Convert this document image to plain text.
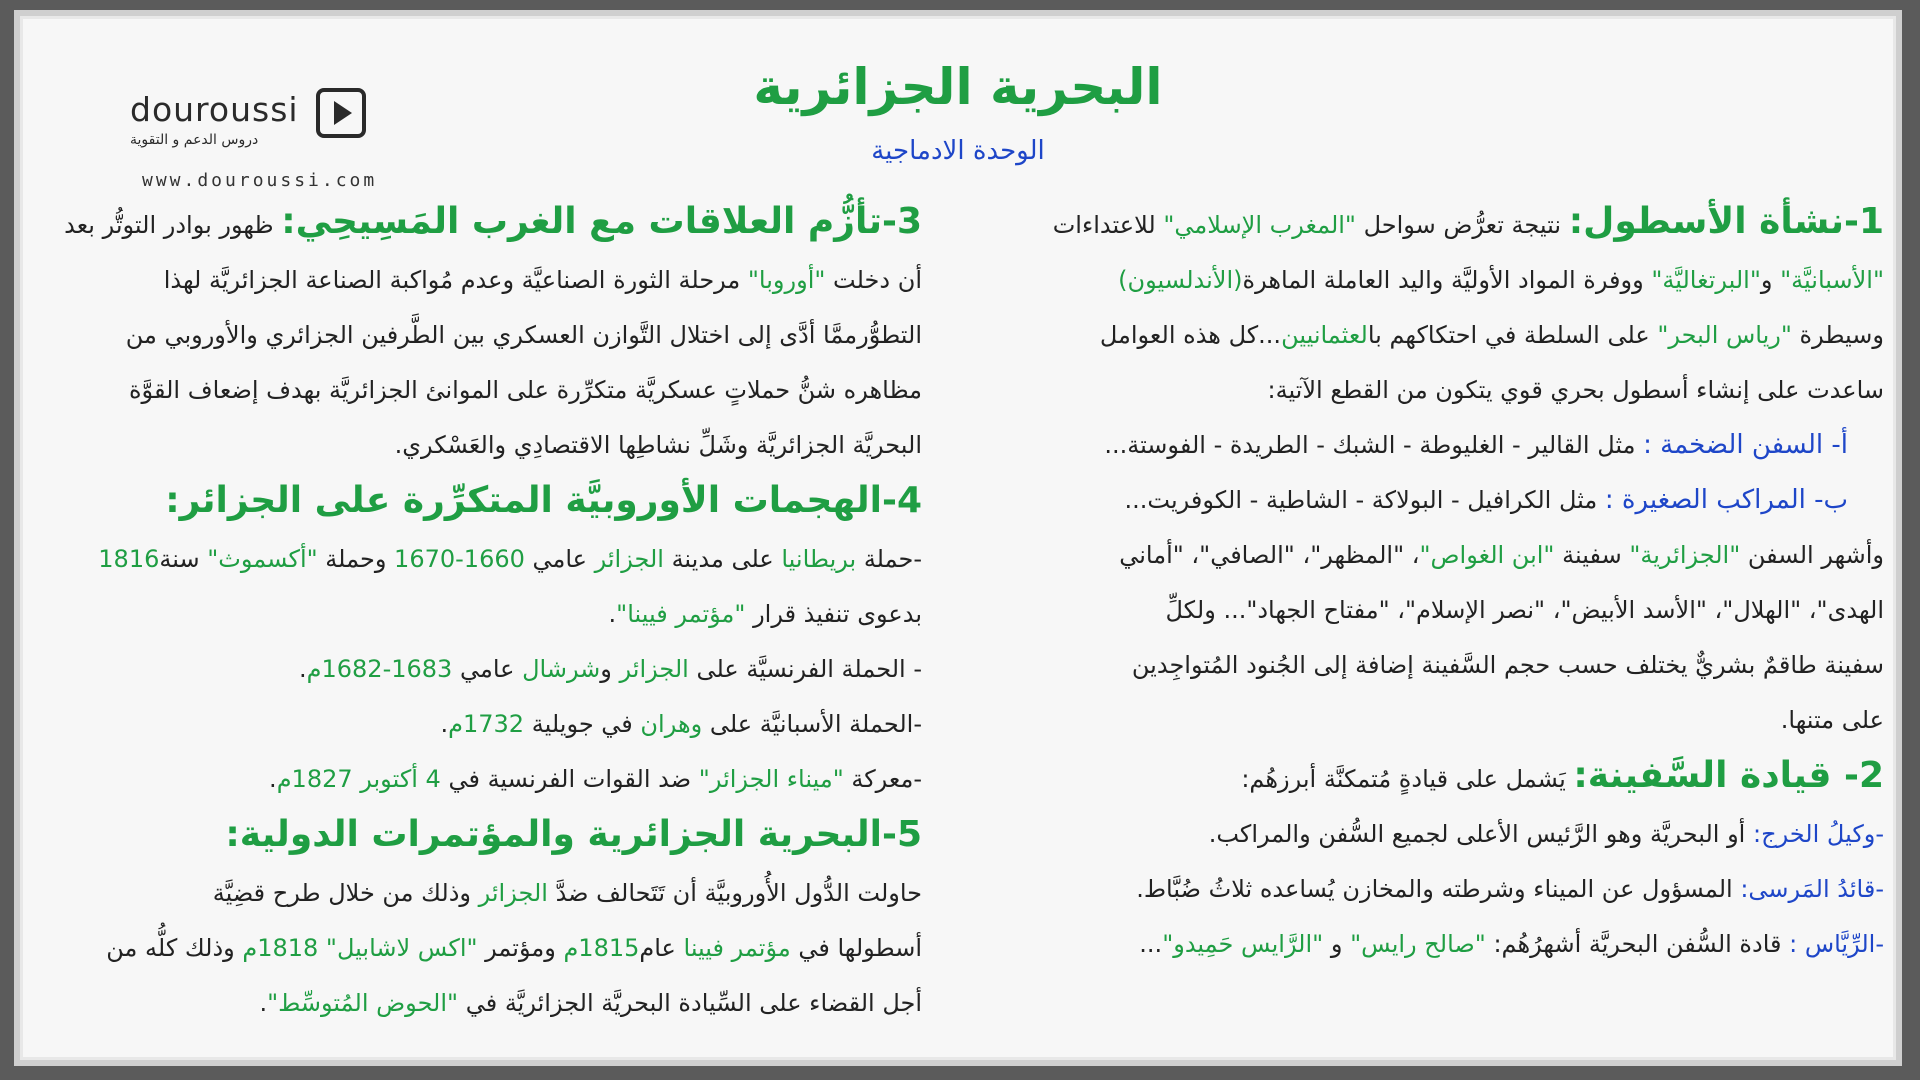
douroussi
دروس الدعم و التقوية
www.douroussi.com
البحرية الجزائرية
الوحدة الادماجية
1-نشأة الأسطول: نتيجة تعرُّض سواحل "المغرب الإسلامي" للاعتداءات
"الأسبانيَّة" و"البرتغاليَّة" ووفرة المواد الأوليَّة واليد العاملة الماهرة(الأندلسيون)
وسيطرة "رياس البحر" على السلطة في احتكاكهم بالعثمانيين...كل هذه العوامل
ساعدت على إنشاء أسطول بحري قوي يتكون من القطع الآتية:
أ- السفن الضخمة : مثل القالير - الغليوطة - الشبك - الطريدة - الفوستة...
ب- المراكب الصغيرة : مثل الكرافيل - البولاكة - الشاطية - الكوفريت...
وأشهر السفن "الجزائرية" سفينة "ابن الغواص"، "المظهر"، "الصافي"، "أماني
الهدى"، "الهلال"، "الأسد الأبيض"، "نصر الإسلام"، "مفتاح الجهاد"... ولكلِّ
سفينة طاقمٌ بشريٌّ يختلف حسب حجم السَّفينة إضافة إلى الجُنود المُتواجِدين
على متنها.
2- قيادة السَّفينة: يَشمل على قيادةٍ مُتمكنَّة أبرزهُم:
-وكيلُ الخرج: أو البحريَّة وهو الرَّئيس الأعلى لجميع السُّفن والمراكب.
-قائدُ المَرسى: المسؤول عن الميناء وشرطته والمخازن يُساعده ثلاثُ ضُبَّاط.
-الرِّيَّاس : قادة السُّفن البحريَّة أشهرُهُم: "صالح رايس" و "الرَّايس حَمِيدو"...
3-تأزُّم العلاقات مع الغرب المَسِيحِي: ظهور بوادر التوتُّر بعد
أن دخلت "أوروبا" مرحلة الثورة الصناعيَّة وعدم مُواكبة الصناعة الجزائريَّة لهذا
التطوُّرممَّا أدَّى إلى اختلال التَّوازن العسكري بين الطَّرفين الجزائري والأوروبي من
مظاهره شنُّ حملاتٍ عسكريَّة متكرِّرة على الموانئ الجزائريَّة بهدف إضعاف القوَّة
البحريَّة الجزائريَّة وشَلِّ نشاطِها الاقتصادِي والعَسْكري.
4-الهجمات الأوروبيَّة المتكرِّرة على الجزائر:
-حملة بريطانيا على مدينة الجزائر عامي 1660-1670 وحملة "أكسموث" سنة1816
بدعوى تنفيذ قرار "مؤتمر فيينا".
- الحملة الفرنسيَّة على الجزائر وشرشال عامي 1683-1682م.
-الحملة الأسبانيَّة على وهران في جويلية 1732م.
-معركة "ميناء الجزائر" ضد القوات الفرنسية في 4 أكتوبر 1827م.
5-البحرية الجزائرية والمؤتمرات الدولية:
حاولت الدُّول الأُوروبيَّة أن تَتَحالف ضدَّ الجزائر وذلك من خلال طرح قضِيَّة
أسطولها في مؤتمر فيينا عام1815م ومؤتمر "اكس لاشابيل" 1818م وذلك كلُّه من
أجل القضاء على السِّيادة البحريَّة الجزائريَّة في "الحوض المُتوسِّط".
